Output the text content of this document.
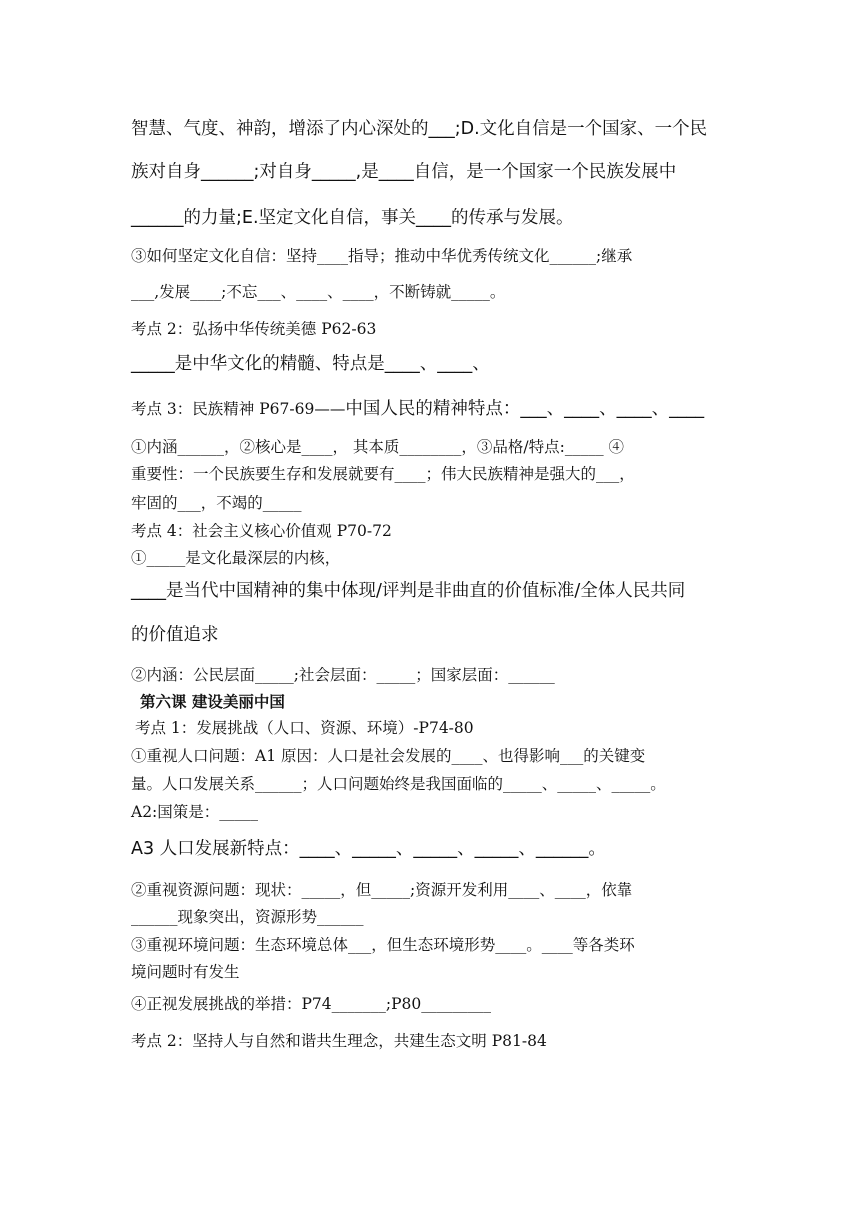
智慧、气度、神韵，增添了内心深处的___;D.文化自信是一个国家、一个民
族对自身______;对自身_____,是____自信，是一个国家一个民族发展中
______的力量;E.坚定文化自信，事关____的传承与发展。
③如何坚定文化自信：坚持____指导；推动中华优秀传统文化______;继承
___,发展____;不忘___、____、____，不断铸就_____。
考点 2：弘扬中华传统美德 P62-63
_____是中华文化的精髓、特点是____、____、
考点 3：民族精神 P67-69——中国人民的精神特点：___、____、____、____
①内涵______，②核心是____， 其本质________，③品格/特点:_____ ④
重要性：一个民族要生存和发展就要有____；伟大民族精神是强大的___，
牢固的___，不竭的_____
考点 4：社会主义核心价值观 P70-72
①_____是文化最深层的内核，
____是当代中国精神的集中体现/评判是非曲直的价值标准/全体人民共同
的价值追求
②内涵：公民层面_____;社会层面：_____；国家层面：______
第六课 建设美丽中国
考点 1：发展挑战（人口、资源、环境）-P74-80
①重视人口问题：A1 原因：人口是社会发展的____、也得影响___的关键变
量。人口发展关系______；人口问题始终是我国面临的_____、_____、_____。
A2:国策是：_____
A3 人口发展新特点：____、_____、_____、_____、______。
②重视资源问题：现状：_____，但_____;资源开发利用____、____，依靠
______现象突出，资源形势______
③重视环境问题：生态环境总体___，但生态环境形势____。____等各类环
境问题时有发生
④正视发展挑战的举措：P74_______;P80_________
考点 2：坚持人与自然和谐共生理念，共建生态文明 P81-84
